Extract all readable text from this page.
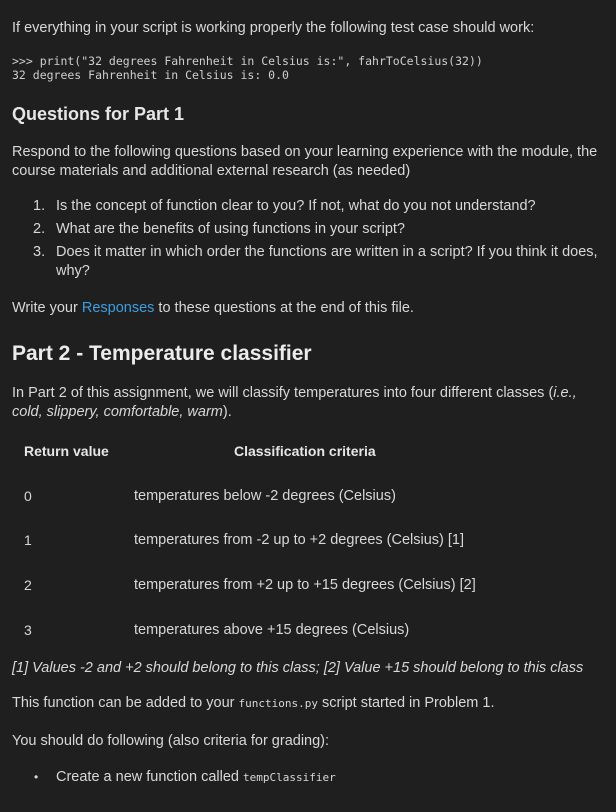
If everything in your script is working properly the following test case should work:
>>> print("32 degrees Fahrenheit in Celsius is:", fahrToCelsius(32))
32 degrees Fahrenheit in Celsius is: 0.0
Questions for Part 1
Respond to the following questions based on your learning experience with the module, the course materials and additional external research (as needed)
1. Is the concept of function clear to you? If not, what do you not understand?
2. What are the benefits of using functions in your script?
3. Does it matter in which order the functions are written in a script? If you think it does, why?
Write your Responses to these questions at the end of this file.
Part 2 - Temperature classifier
In Part 2 of this assignment, we will classify temperatures into four different classes (i.e., cold, slippery, comfortable, warm).
Return value	Classification criteria
0	temperatures below -2 degrees (Celsius)
1	temperatures from -2 up to +2 degrees (Celsius) [1]
2	temperatures from +2 up to +15 degrees (Celsius) [2]
3	temperatures above +15 degrees (Celsius)
[1] Values -2 and +2 should belong to this class; [2] Value +15 should belong to this class
This function can be added to your functions.py script started in Problem 1.
You should do following (also criteria for grading):
• Create a new function called tempClassifier
